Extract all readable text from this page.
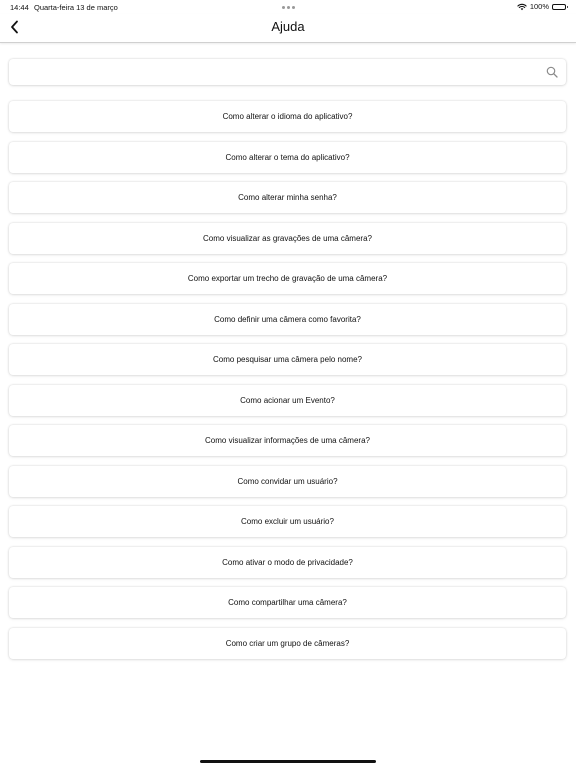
14:44 Quarta-feira 13 de março	100%
Ajuda
Como alterar o idioma do aplicativo?
Como alterar o tema do aplicativo?
Como alterar minha senha?
Como visualizar as gravações de uma câmera?
Como exportar um trecho de gravação de uma câmera?
Como definir uma câmera como favorita?
Como pesquisar uma câmera pelo nome?
Como acionar um Evento?
Como visualizar informações de uma câmera?
Como convidar um usuário?
Como excluir um usuário?
Como ativar o modo de privacidade?
Como compartilhar uma câmera?
Como criar um grupo de câmeras?
